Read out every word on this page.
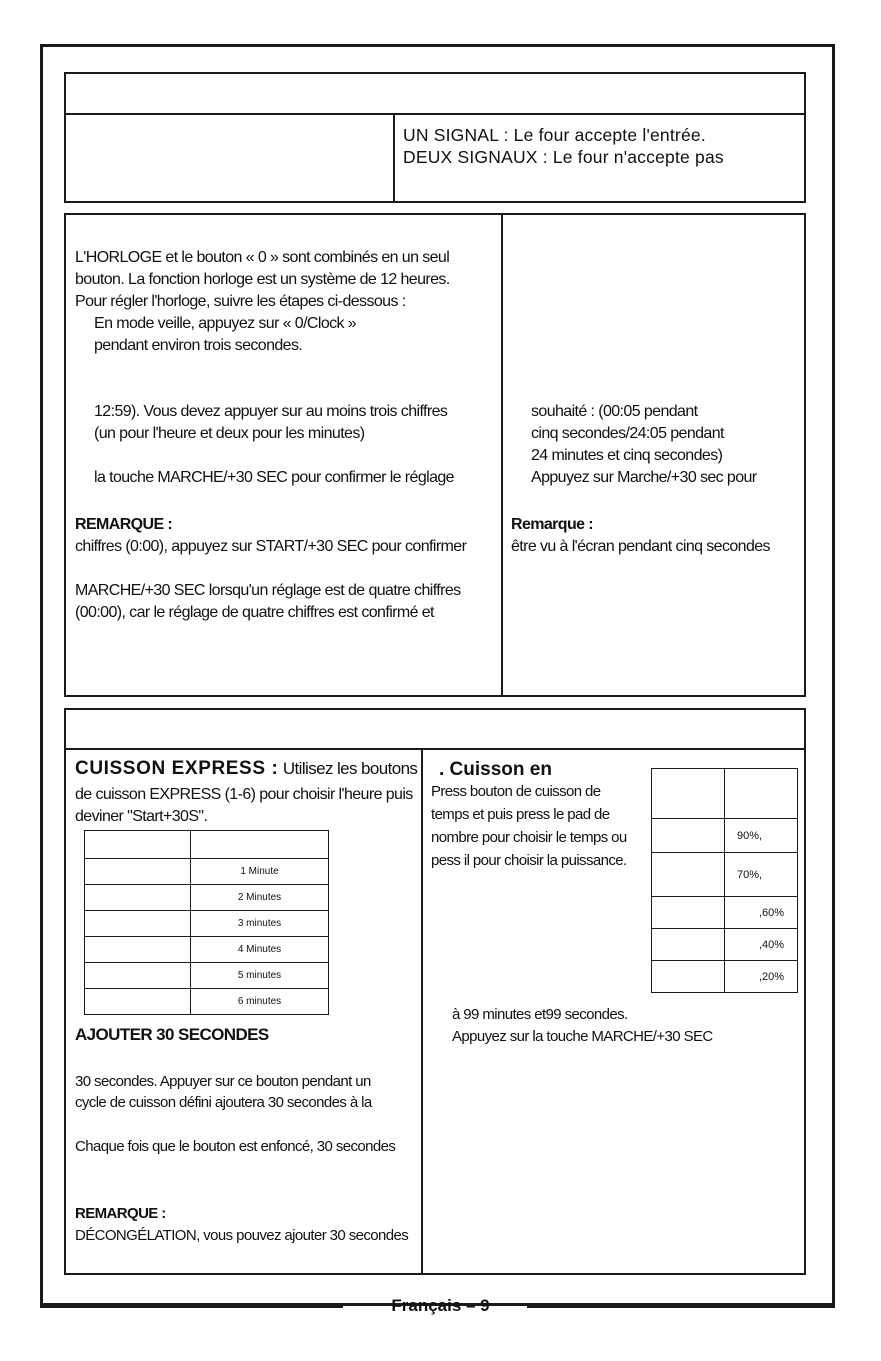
UN SIGNAL : Le four accepte l'entrée.
DEUX SIGNAUX : Le four n'accepte pas
L'HORLOGE et le bouton « 0 » sont combinés en un seul
bouton. La fonction horloge est un système de 12 heures.
Pour régler l'horloge, suivre les étapes ci-dessous :
En mode veille, appuyez sur « 0/Clock »
pendant environ trois secondes.
12:59). Vous devez appuyer sur au moins trois chiffres
(un pour l'heure et deux pour les minutes)
la touche MARCHE/+30 SEC pour confirmer le réglage
REMARQUE :
chiffres (0:00), appuyez sur START/+30 SEC pour confirmer
MARCHE/+30 SEC lorsqu'un réglage est de quatre chiffres
(00:00), car le réglage de quatre chiffres est confirmé et
souhaité : (00:05 pendant
cinq secondes/24:05 pendant
24 minutes et cinq secondes)
Appuyez sur Marche/+30 sec pour
Remarque :
être vu à l'écran pendant cinq secondes
CUISSON EXPRESS : Utilisez les boutons
de cuisson EXPRESS (1-6) pour choisir l'heure puis
deviner "Start+30S".

	1 Minute
	2 Minutes
	3 minutes
	4 Minutes
	5 minutes
	6 minutes
AJOUTER 30 SECONDES
30 secondes. Appuyer sur ce bouton pendant un
cycle de cuisson défini ajoutera 30 secondes à la
Chaque fois que le bouton est enfoncé, 30 secondes
REMARQUE :
DÉCONGÉLATION, vous pouvez ajouter 30 secondes
. Cuisson en
Press bouton de cuisson de
temps et puis press le pad de
nombre pour choisir le temps ou
pess il pour choisir la puissance.

	90%,
	70%,
	,60%
	,40%
	,20%
à 99 minutes et99 secondes.
Appuyez sur la touche MARCHE/+30 SEC
Français – 9
